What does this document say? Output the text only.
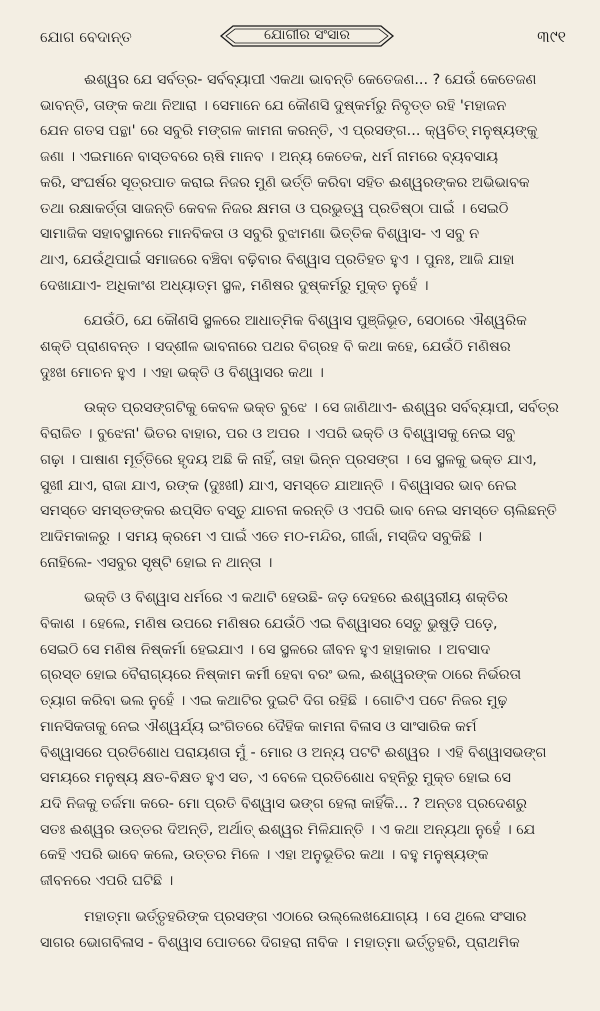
ଯୋଗ ବେଦାନ୍ତ	ଯୋଗୀର ସଂସାର	୩୯୧

ଈଶ୍ୱର ଯେ ସର୍ବତ୍ର- ସର୍ବବ୍ୟାପୀ ଏକଥା ଭାବନ୍ତି କେତେଜଣ... ? ଯେଉଁ କେତେଜଣ
ଭାବନ୍ତି, ତାଙ୍କ କଥା ନିଆରା । ସେମାନେ ଯେ କୌଣସି ଦୁଷ୍କର୍ମରୁ ନିବୃତ୍ତ ରହି 'ମହାଜନ
ଯେନ ଗତସ ପନ୍ଥା' ରେ ସବୁରି ମଙ୍ଗଳ କାମନା କରନ୍ତି, ଏ ପ୍ରସଙ୍ଗ... କ୍ୱଚିତ୍ ମନୁଷ୍ୟଙ୍କୁ
ଜଣା । ଏଇମାନେ ବାସ୍ତବରେ ଋଷି ମାନବ । ଅନ୍ୟ କେତେକ, ଧର୍ମ ନାମରେ ବ୍ୟବସାୟ
କରି, ସଂଘର୍ଷର ସୂତ୍ରପାତ କରାଇ ନିଜର ମୁଣି ଭର୍ତ୍ତି କରିବା ସହିତ ଈଶ୍ୱରଙ୍କର ଅଭିଭାବକ
ତଥା ରକ୍ଷାକର୍ତ୍ତା ସାଜନ୍ତି କେବଳ ନିଜର କ୍ଷମତା ଓ ପ୍ରଭୁତ୍ୱ ପ୍ରତିଷ୍ଠା ପାଇଁ । ସେଇଠି
ସାମାଜିକ ସହାବସ୍ଥାନରେ ମାନବିକତା ଓ ସବୁରି ବୁଝାମଣା ଭିତ୍ତିକ ବିଶ୍ୱାସ- ଏ ସବୁ ନ
ଥାଏ, ଯେଉଁଥିପାଇଁ ସମାଜରେ ବଞ୍ଚିବା ବଢ଼ିବାର ବିଶ୍ୱାସ ପ୍ରତିହତ ହୁଏ । ପୁନଃ, ଆଜି ଯାହା
ଦେଖାଯାଏ- ଅଧିକାଂଶ ଅଧ୍ୟାତ୍ମ ସ୍ଥଳ, ମଣିଷର ଦୁଷ୍କର୍ମରୁ ମୁକ୍ତ ନୁହେଁ ।

ଯେଉଁଠି, ଯେ କୌଣସି ସ୍ଥଳରେ ଆଧାତ୍ମିକ ବିଶ୍ୱାସ ପୁଞ୍ଜିଭୂତ, ସେଠାରେ ଐଶ୍ୱରିକ
ଶକ୍ତି ପ୍ରାଣବନ୍ତ । ସଦ୍‌ଶୀଳ ଭାବନାରେ ପଥର ବିଗ୍ରହ ବି କଥା କହେ, ଯେଉଁଠି ମଣିଷର
ଦୁଃଖ ମୋଚନ ହୁଏ । ଏହା ଭକ୍ତି ଓ ବିଶ୍ୱାସର କଥା ।

ଉକ୍ତ ପ୍ରସଙ୍ଗଟିକୁ କେବଳ ଭକ୍ତ ବୁଝେ । ସେ ଜାଣିଥାଏ- ଈଶ୍ୱର ସର୍ବବ୍ୟାପୀ, ସର୍ବତ୍ର
ବିରାଜିତ । ବୁଝେନା' ଭିତର ବାହାର, ପର ଓ ଅପର । ଏପରି ଭକ୍ତି ଓ ବିଶ୍ୱାସକୁ ନେଇ ସବୁ
ଗଢ଼ା । ପାଷାଣ ମୂର୍ତ୍ତିରେ ହୃଦୟ ଅଛି କି ନାହିଁ, ତାହା ଭିନ୍ନ ପ୍ରସଙ୍ଗ । ସେ ସ୍ଥଳକୁ ଭକ୍ତ ଯାଏ,
ସୁଖୀ ଯାଏ, ରାଜା ଯାଏ, ରଙ୍କ (ଦୁଃଖୀ) ଯାଏ, ସମସ୍ତେ ଯାଆନ୍ତି । ବିଶ୍ୱାସର ଭାବ ନେଇ
ସମସ୍ତେ ସମସ୍ତଙ୍କର ଈପ୍ସିତ ବସ୍ତୁ ଯାଚନା କରନ୍ତି ଓ ଏପରି ଭାବ ନେଇ ସମସ୍ତେ ଚାଲିଛନ୍ତି
ଆଦିମକାଳରୁ । ସମୟ କ୍ରମେ ଏ ପାଇଁ ଏତେ ମଠ-ମନ୍ଦିର, ଗୀର୍ଜା, ମସ୍‌ଜିଦ ସବୁକିଛି ।
ନୋହିଲେ- ଏସବୁର ସୃଷ୍ଟି ହୋଇ ନ ଥାନ୍ତା ।

ଭକ୍ତି ଓ ବିଶ୍ୱାସ ଧର୍ମରେ ଏ କଥାଟି ହେଉଛି- ଜଡ଼ ଦେହରେ ଈଶ୍ୱରୀୟ ଶକ୍ତିର
ବିକାଶ । ହେଲେ, ମଣିଷ ଉପରେ ମଣିଷର ଯେଉଁଠି ଏଇ ବିଶ୍ୱାସର ସେତୁ ଭୁଷୁଡ଼ି ପଡ଼େ,
ସେଇଠି ସେ ମଣିଷ ନିଷ୍କର୍ମା ହେଇଯାଏ । ସେ ସ୍ଥଳରେ ଜୀବନ ହୁଏ ହାହାକାର । ଅବସାଦ
ଗ୍ରସ୍ତ ହୋଇ ବୈରାଗ୍ୟରେ ନିଷ୍କାମ କର୍ମୀ ହେବା ବରଂ ଭଲ, ଈଶ୍ୱରଙ୍କ ଠାରେ ନିର୍ଭରତା
ତ୍ୟାଗ କରିବା ଭଲ ନୁହେଁ । ଏଇ କଥାଟିର ଦୁଇଟି ଦିଗ ରହିଛି । ଗୋଟିଏ ପଟେ ନିଜର ମୁଢ଼
ମାନସିକତାକୁ ନେଇ ଐଶ୍ୱର୍ଯ୍ୟ ଇଂଗିତରେ ଦୈହିକ କାମନା ବିଳାସ ଓ ସାଂସାରିକ କର୍ମ
ବିଶ୍ୱାସରେ ପ୍ରତିଶୋଧ ପରାୟଣତା ମୁଁ - ମୋର ଓ ଅନ୍ୟ ପଟଟି ଈଶ୍ୱର । ଏହି ବିଶ୍ୱାସଭଙ୍ଗ
ସମୟରେ ମନୁଷ୍ୟ କ୍ଷତ-ବିକ୍ଷତ ହୁଏ ସତ, ଏ ବେଳେ ପ୍ରତିଶୋଧ ବହ୍ନିରୁ ମୁକ୍ତ ହୋଇ ସେ
ଯଦି ନିଜକୁ ତର୍ଜମା କରେ- ମୋ ପ୍ରତି ବିଶ୍ୱାସ ଭଙ୍ଗ ହେଲା କାହିଁକି... ? ଅନ୍ତଃ ପ୍ରଦେଶରୁ
ସତଃ ଈଶ୍ୱର ଉତ୍ତର ଦିଅନ୍ତି, ଅର୍ଥାତ୍ ଈଶ୍ୱର ମିଳିଯାନ୍ତି । ଏ କଥା ଅନ୍ୟଥା ନୁହେଁ । ଯେ
କେହି ଏପରି ଭାବେ କଲେ, ଉତ୍ତର ମିଳେ । ଏହା ଅନୁଭୂତିର କଥା । ବହୁ ମନୁଷ୍ୟଙ୍କ
ଜୀବନରେ ଏପରି ଘଟିଛି ।

ମହାତ୍ମା ଭର୍ତ୍ତୃହରିଙ୍କ ପ୍ରସଙ୍ଗ ଏଠାରେ ଉଲ୍ଲେଖଯୋଗ୍ୟ । ସେ ଥିଲେ ସଂସାର
ସାଗର ଭୋଗବିଳାସ - ବିଶ୍ୱାସ ପୋତରେ ଦିଗହରା ନାବିକ । ମହାତ୍ମା ଭର୍ତ୍ତୃହରି, ପ୍ରାଥମିକ
